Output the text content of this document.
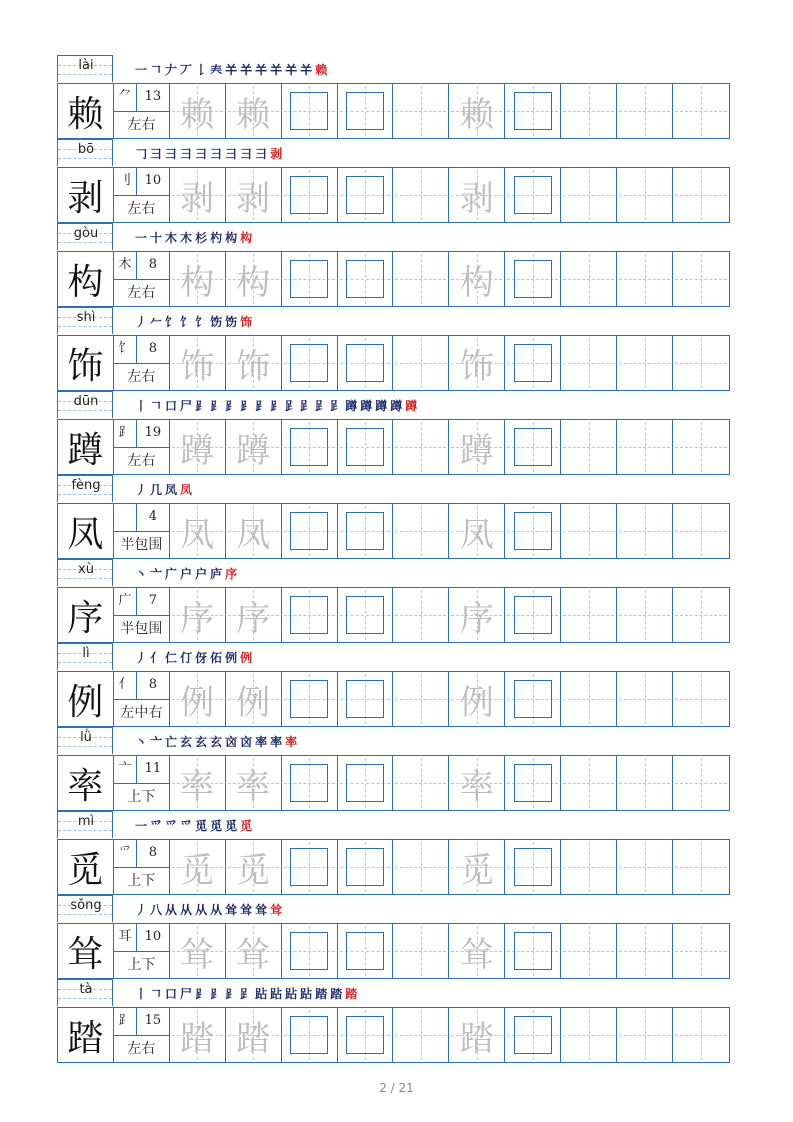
lài	一𠃍𠂇丆𠄌𡗗𢆉𢆉𢆉𢆉𢆉𢆉赖
赖	⺈	13
左右 赖 赖	赖
bō	𠃌彐彐彐彐彐彐彐彐剥
剥	刂	10
左右 剥 剥	剥
gòu	一十木木杉杓构构
构	木	8
左右 构 构	构
shì	丿𠂉饣饣饣饬饬饰
饰	饣	8
左右 饰 饰	饰
dūn	丨𠃍口尸⻊⻊⻊⻊⻊⻊𧾷𧾷𧾷𧾷蹲蹲蹲蹲蹲
蹲	⻊	19
左右 蹲 蹲	蹲
fèng	丿几凤凤
凤	4
半包围 凤 凤	凤
xù	丶亠广户户庐序
序	广	7
半包围 序 序	序
lì	丿亻仁仃伢佦例例
例	亻	8
左中右 例 例	例
lǜ	丶亠亡玄玄玄㐫㐫率率率
率	亠	11
上下 率 率	率
mì	一爫爫爫觅觅觅觅
觅	爫	8
上下 觅 觅	觅
sǒng	丿八从从从从耸耸耸耸
耸	耳	10
上下 耸 耸	耸
tà	丨𠃍口尸⻊⻊⻊𧾷跕跕跕跕踏踏踏
踏	⻊	15
左右 踏 踏	踏
2 / 21
